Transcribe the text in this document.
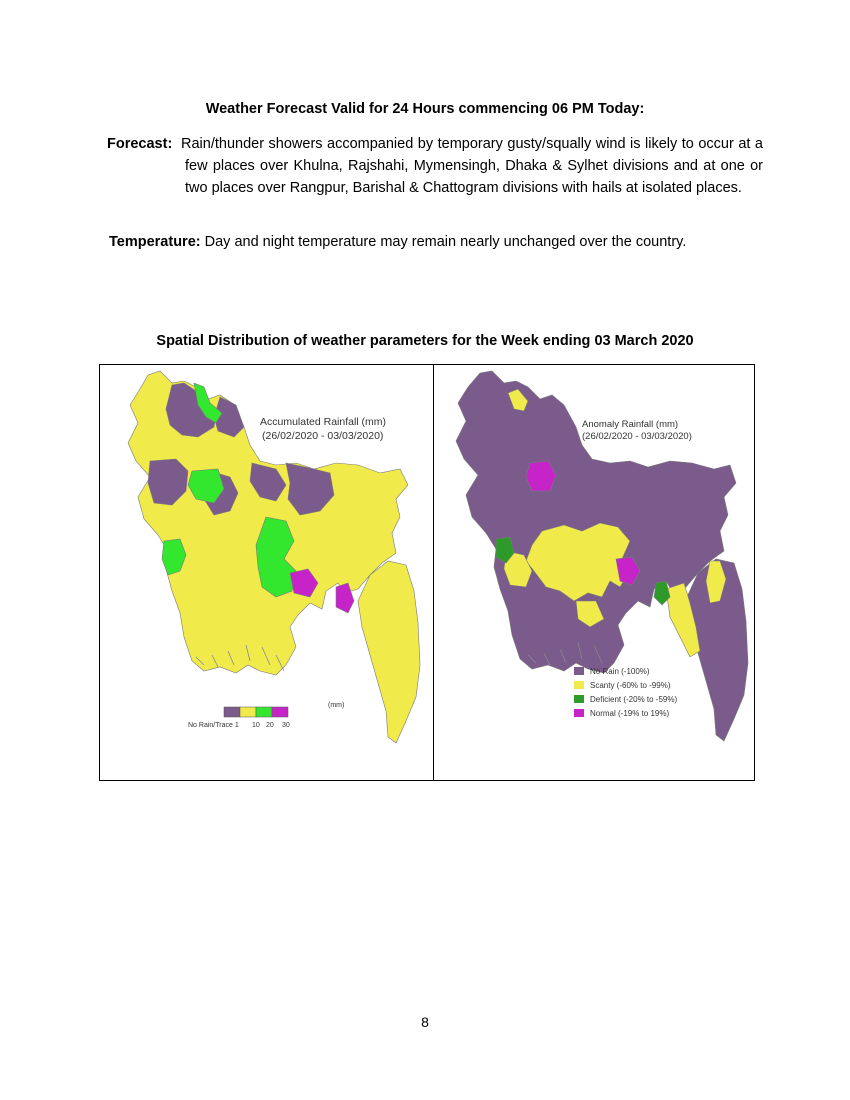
Weather Forecast Valid for 24 Hours commencing 06 PM Today:
Forecast: Rain/thunder showers accompanied by temporary gusty/squally wind is likely to occur at a few places over Khulna, Rajshahi, Mymensingh, Dhaka & Sylhet divisions and at one or two places over Rangpur, Barishal & Chattogram divisions with hails at isolated places.
Temperature: Day and night temperature may remain nearly unchanged over the country.
Spatial Distribution of weather parameters for the Week ending 03 March 2020
Accumulated Rainfall (mm)
(26/02/2020 - 03/03/2020)
(mm)
No Rain/Trace 1 10 20 30
Anomaly Rainfall (mm)
(26/02/2020 - 03/03/2020)
No Rain (-100%)
Scanty (-60% to -99%)
Deficient (-20% to -59%)
Normal (-19% to 19%)
8
